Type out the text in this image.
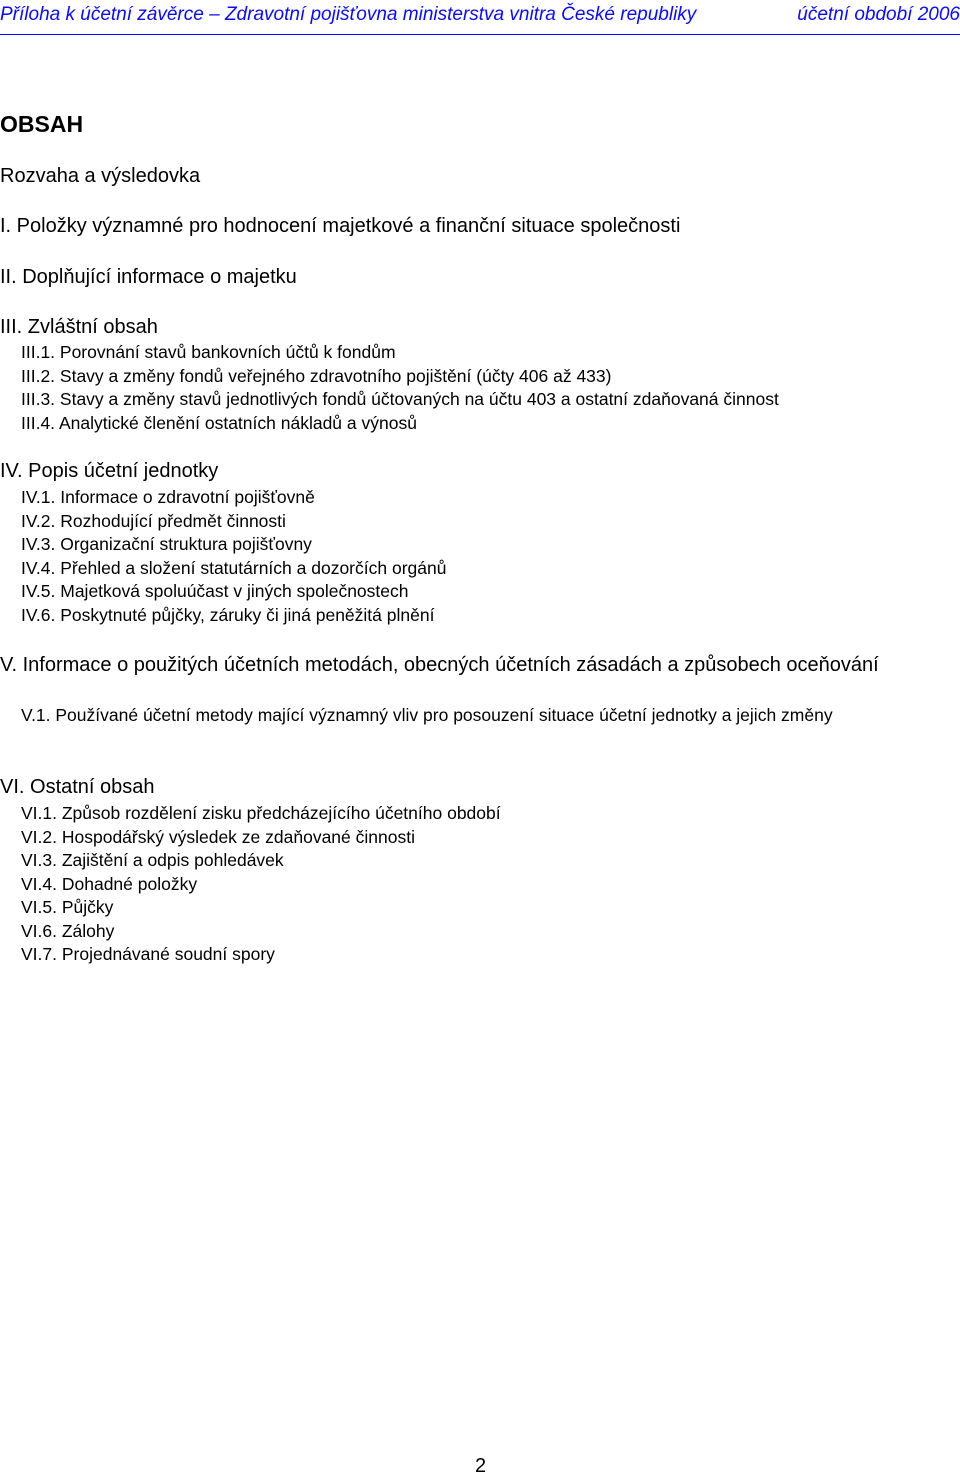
Příloha k účetní závěrce – Zdravotní pojišťovna ministerstva vnitra České republiky	účetní období 2006
OBSAH
Rozvaha a výsledovka
I. Položky významné pro hodnocení majetkové a finanční situace společnosti
II. Doplňující informace o majetku
III. Zvláštní obsah
III.1. Porovnání stavů bankovních účtů k fondům
III.2. Stavy a změny fondů veřejného zdravotního pojištění (účty 406 až 433)
III.3. Stavy a změny stavů jednotlivých fondů účtovaných na účtu 403 a ostatní zdaňovaná činnost
III.4. Analytické členění ostatních nákladů a výnosů
IV. Popis účetní jednotky
IV.1. Informace o zdravotní pojišťovně
IV.2. Rozhodující předmět činnosti
IV.3. Organizační struktura pojišťovny
IV.4. Přehled a složení statutárních a dozorčích orgánů
IV.5. Majetková spoluúčast v jiných společnostech
IV.6. Poskytnuté půjčky, záruky či jiná peněžitá plnění
V. Informace o použitých účetních metodách, obecných účetních zásadách a způsobech oceňování
V.1. Používané účetní metody mající významný vliv pro posouzení situace účetní jednotky a jejich změny
VI. Ostatní obsah
VI.1. Způsob rozdělení zisku předcházejícího účetního období
VI.2. Hospodářský výsledek ze zdaňované činnosti
VI.3. Zajištění a odpis pohledávek
VI.4. Dohadné položky
VI.5. Půjčky
VI.6. Zálohy
VI.7. Projednávané soudní spory
2
